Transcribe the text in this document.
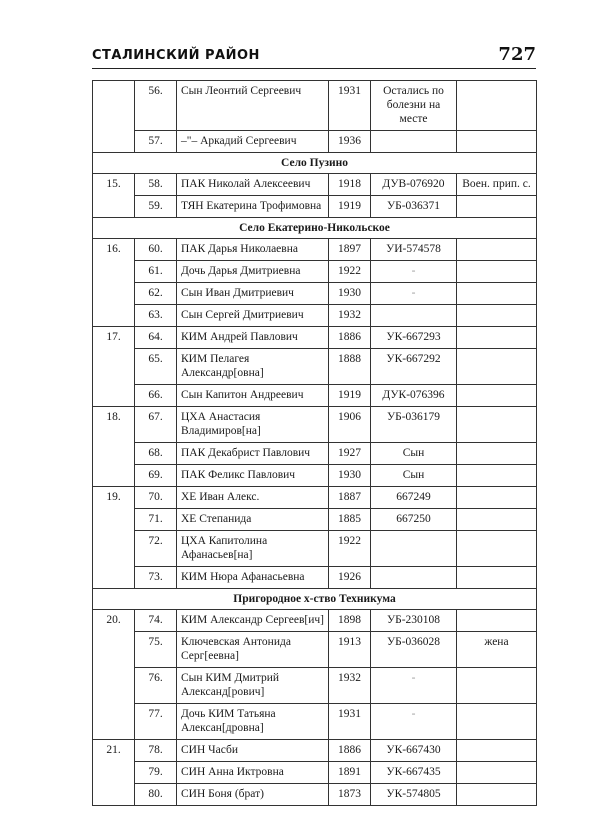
СТАЛИНСКИЙ РАЙОН	727
	56.	Сын Леонтий Сергеевич	1931	Остались по болезни на месте	
	57.	–"– Аркадий Сергеевич	1936		
Село Пузино					
15.	58.	ПАК Николай Алексеевич	1918	ДУВ-076920	Воен. прип. с.
	59.	ТЯН Екатерина Трофимовна	1919	УБ-036371	
Село Екатерино-Никольское					
16.	60.	ПАК Дарья Николаевна	1897	УИ-574578	
	61.	Дочь Дарья Дмитриевна	1922	-	
	62.	Сын Иван Дмитриевич	1930	-	
	63.	Сын Сергей Дмитриевич	1932		
17.	64.	КИМ Андрей Павлович	1886	УК-667293	
	65.	КИМ Пелагея Александр[овна]	1888	УК-667292	
	66.	Сын Капитон Андреевич	1919	ДУК-076396	
18.	67.	ЦХА Анастасия Владимиров[на]	1906	УБ-036179	
	68.	ПАК Декабрист Павлович	1927	Сын	
	69.	ПАК Феликс Павлович	1930	Сын	
19.	70.	ХЕ Иван Алекс.	1887	667249	
	71.	ХЕ Степанида	1885	667250	
	72.	ЦХА Капитолина Афанасьев[на]	1922		
	73.	КИМ Нюра Афанасьевна	1926		
Пригородное х-ство Техникума					
20.	74.	КИМ Александр Сергеев[ич]	1898	УБ-230108	
	75.	Ключевская Антонида Серг[еевна]	1913	УБ-036028	жена
	76.	Сын КИМ Дмитрий Александ[рович]	1932	-	
	77.	Дочь КИМ Татьяна Алексан[дровна]	1931	-	
21.	78.	СИН Часби	1886	УК-667430	
	79.	СИН Анна Иктровна	1891	УК-667435	
	80.	СИН Боня (брат)	1873	УК-574805	
